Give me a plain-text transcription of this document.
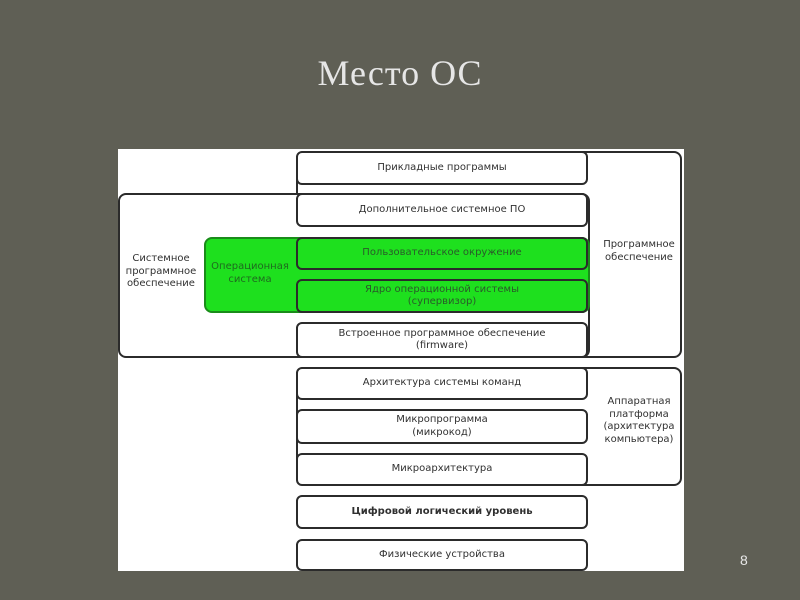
Место ОС
Программное
обеспечение
Системное
программное
обеспечение
Операционная
система
Аппаратная
платформа
(архитектура
компьютера)
Прикладные программы
Дополнительное системное ПО
Пользовательское окружение
Ядро операционной системы
(супервизор)
Встроенное программное обеспечение
(firmware)
Архитектура системы команд
Микропрограмма
(микрокод)
Микроархитектура
Цифровой логический уровень
Физические устройства	8
